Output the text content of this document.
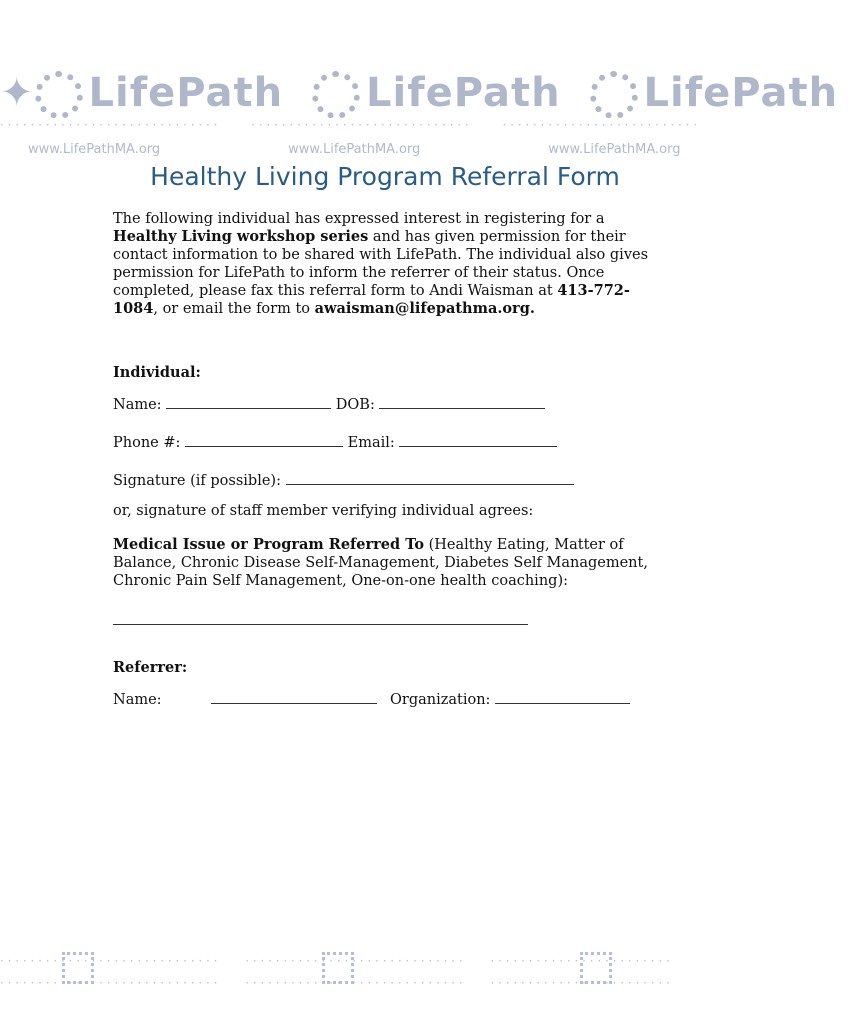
✦ LifePath LifePath LifePath
· · · · · · · · · · · · · · · · · · · · · · · · · · · · ·	· · · · · · · · · · · · · · · · · · · · · · · · · · · · ·	· · · · · · · · · · · · · · · · · · · · · · · · · ·
www.LifePathMA.org	www.LifePathMA.org	www.LifePathMA.org
Healthy Living Program Referral Form

The following individual has expressed interest in registering for a Healthy Living workshop series and has given permission for their contact information to be shared with LifePath. The individual also gives permission for LifePath to inform the referrer of their status. Once completed, please fax this referral form to Andi Waisman at 413-772-1084, or email the form to awaisman@lifepathma.org.

Individual:

Name:	DOB:

Phone #:	Email:

Signature (if possible):

or, signature of staff member verifying individual agrees:

Medical Issue or Program Referred To (Healthy Eating, Matter of Balance, Chronic Disease Self-Management, Diabetes Self Management, Chronic Pain Self Management, One-on-one health coaching):

Referrer:

Name:	Organization:

· · · · · · · · · · · · · · · · · · · · · · · · · · · · · · · · · · · · · · · · · · · · · · · · · · · · · · · · · · · · · · · · · · · · · · · · · · · · · · · · · ·
· · · · · · · · · · · · · · · · · · · · · · · · · · · · · · · · · · · · · · · · · · · · · · · · · · · · · · · · · · · · · · · · · · · · · · · · · · · · · · · · · ·
